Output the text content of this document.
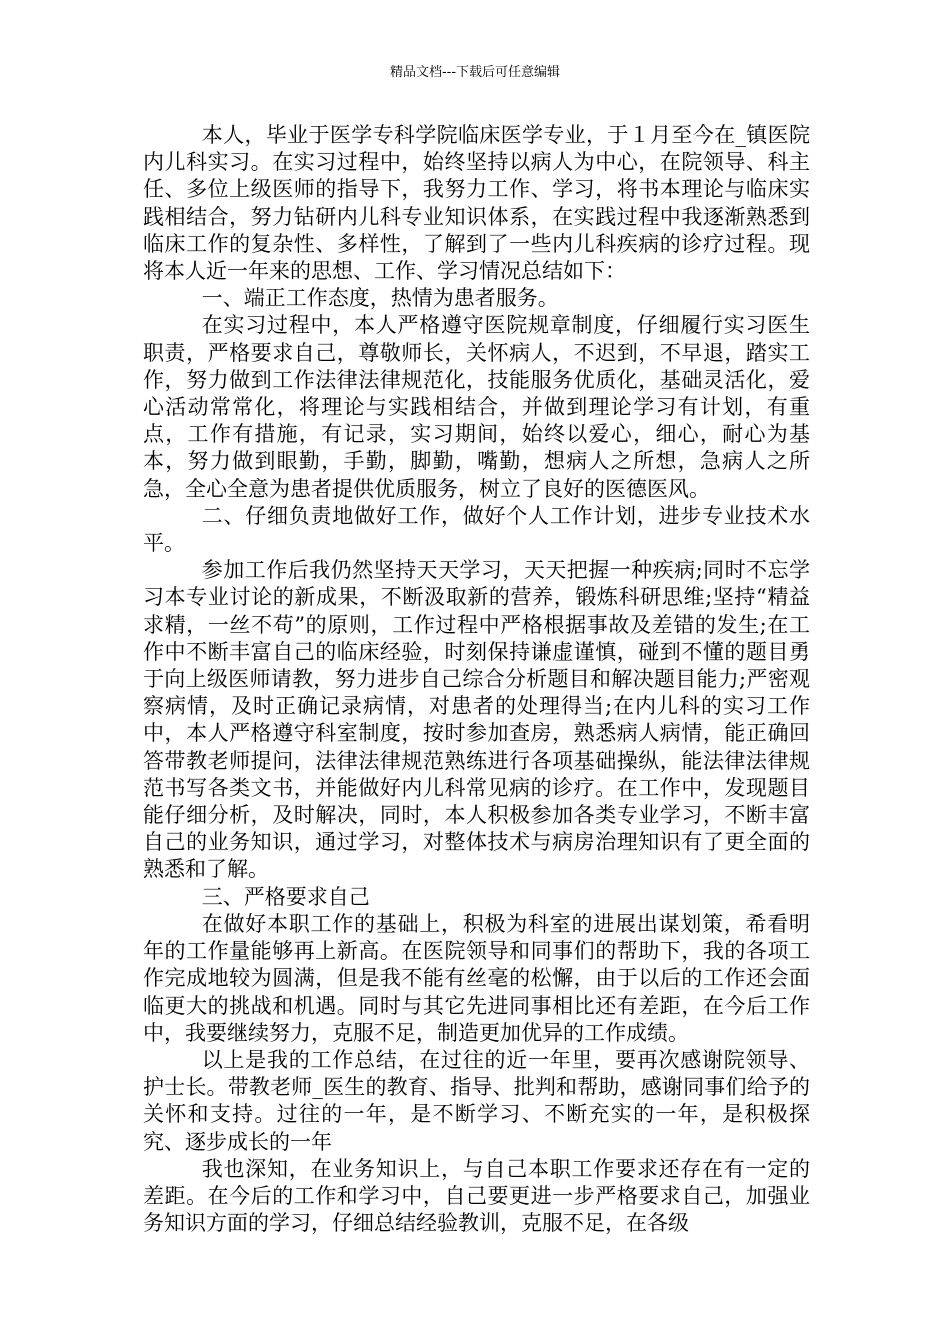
精品文档---下载后可任意编辑

本人，毕业于医学专科学院临床医学专业，于１月至今在_镇医院内儿科实习。在实习过程中，始终坚持以病人为中心，在院领导、科主任、多位上级医师的指导下，我努力工作、学习，将书本理论与临床实践相结合，努力钻研内儿科专业知识体系，在实践过程中我逐渐熟悉到临床工作的复杂性、多样性，了解到了一些内儿科疾病的诊疗过程。现将本人近一年来的思想、工作、学习情况总结如下：

一、端正工作态度，热情为患者服务。

在实习过程中，本人严格遵守医院规章制度，仔细履行实习医生职责，严格要求自己，尊敬师长，关怀病人，不迟到，不早退，踏实工作，努力做到工作法律法律规范化，技能服务优质化，基础灵活化，爱心活动常常化，将理论与实践相结合，并做到理论学习有计划，有重点，工作有措施，有记录，实习期间，始终以爱心，细心，耐心为基本，努力做到眼勤，手勤，脚勤，嘴勤，想病人之所想，急病人之所急，全心全意为患者提供优质服务，树立了良好的医德医风。

二、仔细负责地做好工作，做好个人工作计划，进步专业技术水平。

参加工作后我仍然坚持天天学习，天天把握一种疾病;同时不忘学习本专业讨论的新成果，不断汲取新的营养，锻炼科研思维;坚持“精益求精，一丝不苟”的原则，工作过程中严格根据事故及差错的发生;在工作中不断丰富自己的临床经验，时刻保持谦虚谨慎，碰到不懂的题目勇于向上级医师请教，努力进步自己综合分析题目和解决题目能力;严密观察病情，及时正确记录病情，对患者的处理得当;在内儿科的实习工作中，本人严格遵守科室制度，按时参加查房，熟悉病人病情，能正确回答带教老师提问，法律法律规范熟练进行各项基础操纵，能法律法律规范书写各类文书，并能做好内儿科常见病的诊疗。在工作中，发现题目能仔细分析，及时解决，同时，本人积极参加各类专业学习，不断丰富自己的业务知识，通过学习，对整体技术与病房治理知识有了更全面的熟悉和了解。

三、严格要求自己

在做好本职工作的基础上，积极为科室的进展出谋划策，希看明年的工作量能够再上新高。在医院领导和同事们的帮助下，我的各项工作完成地较为圆满，但是我不能有丝毫的松懈，由于以后的工作还会面临更大的挑战和机遇。同时与其它先进同事相比还有差距，在今后工作中，我要继续努力，克服不足，制造更加优异的工作成绩。

以上是我的工作总结，在过往的近一年里，要再次感谢院领导、护士长。带教老师_医生的教育、指导、批判和帮助，感谢同事们给予的关怀和支持。过往的一年，是不断学习、不断充实的一年，是积极探究、逐步成长的一年

我也深知，在业务知识上，与自己本职工作要求还存在有一定的差距。在今后的工作和学习中，自己要更进一步严格要求自己，加强业务知识方面的学习，仔细总结经验教训，克服不足，在各级
